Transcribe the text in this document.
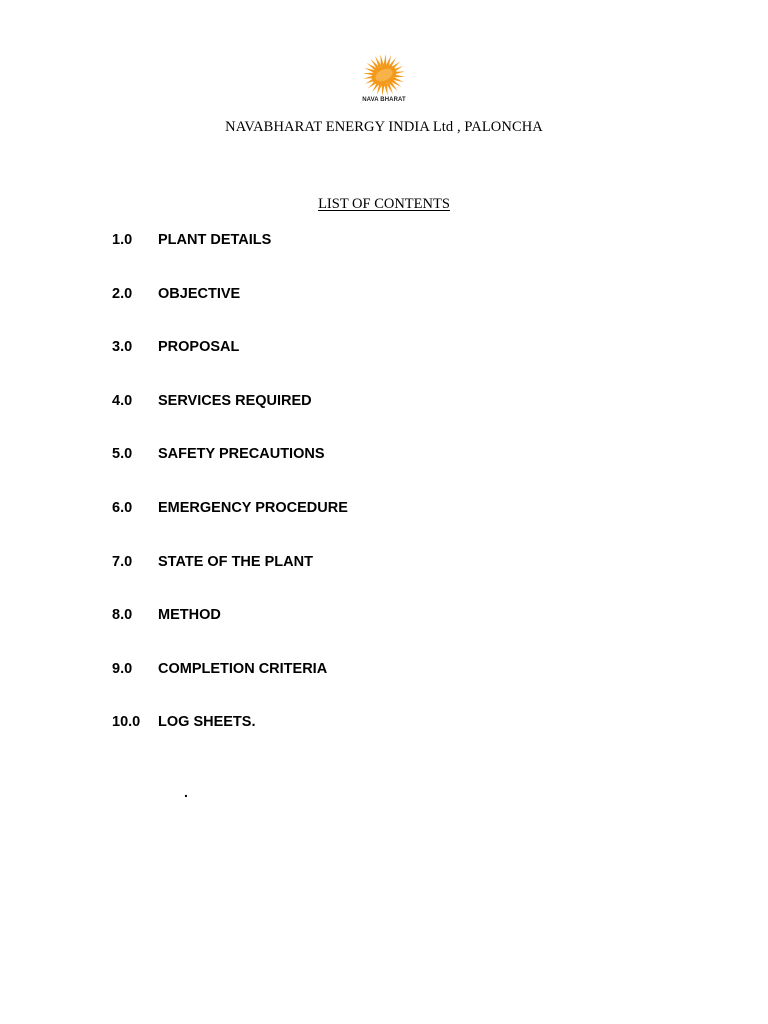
NAVA BHARAT
NAVABHARAT ENERGY INDIA Ltd , PALONCHA
LIST OF CONTENTS
1.0 PLANT DETAILS
2.0 OBJECTIVE
3.0 PROPOSAL
4.0 SERVICES REQUIRED
5.0 SAFETY PRECAUTIONS
6.0 EMERGENCY PROCEDURE
7.0 STATE OF THE PLANT
8.0 METHOD
9.0 COMPLETION CRITERIA
10.0 LOG SHEETS.
.
